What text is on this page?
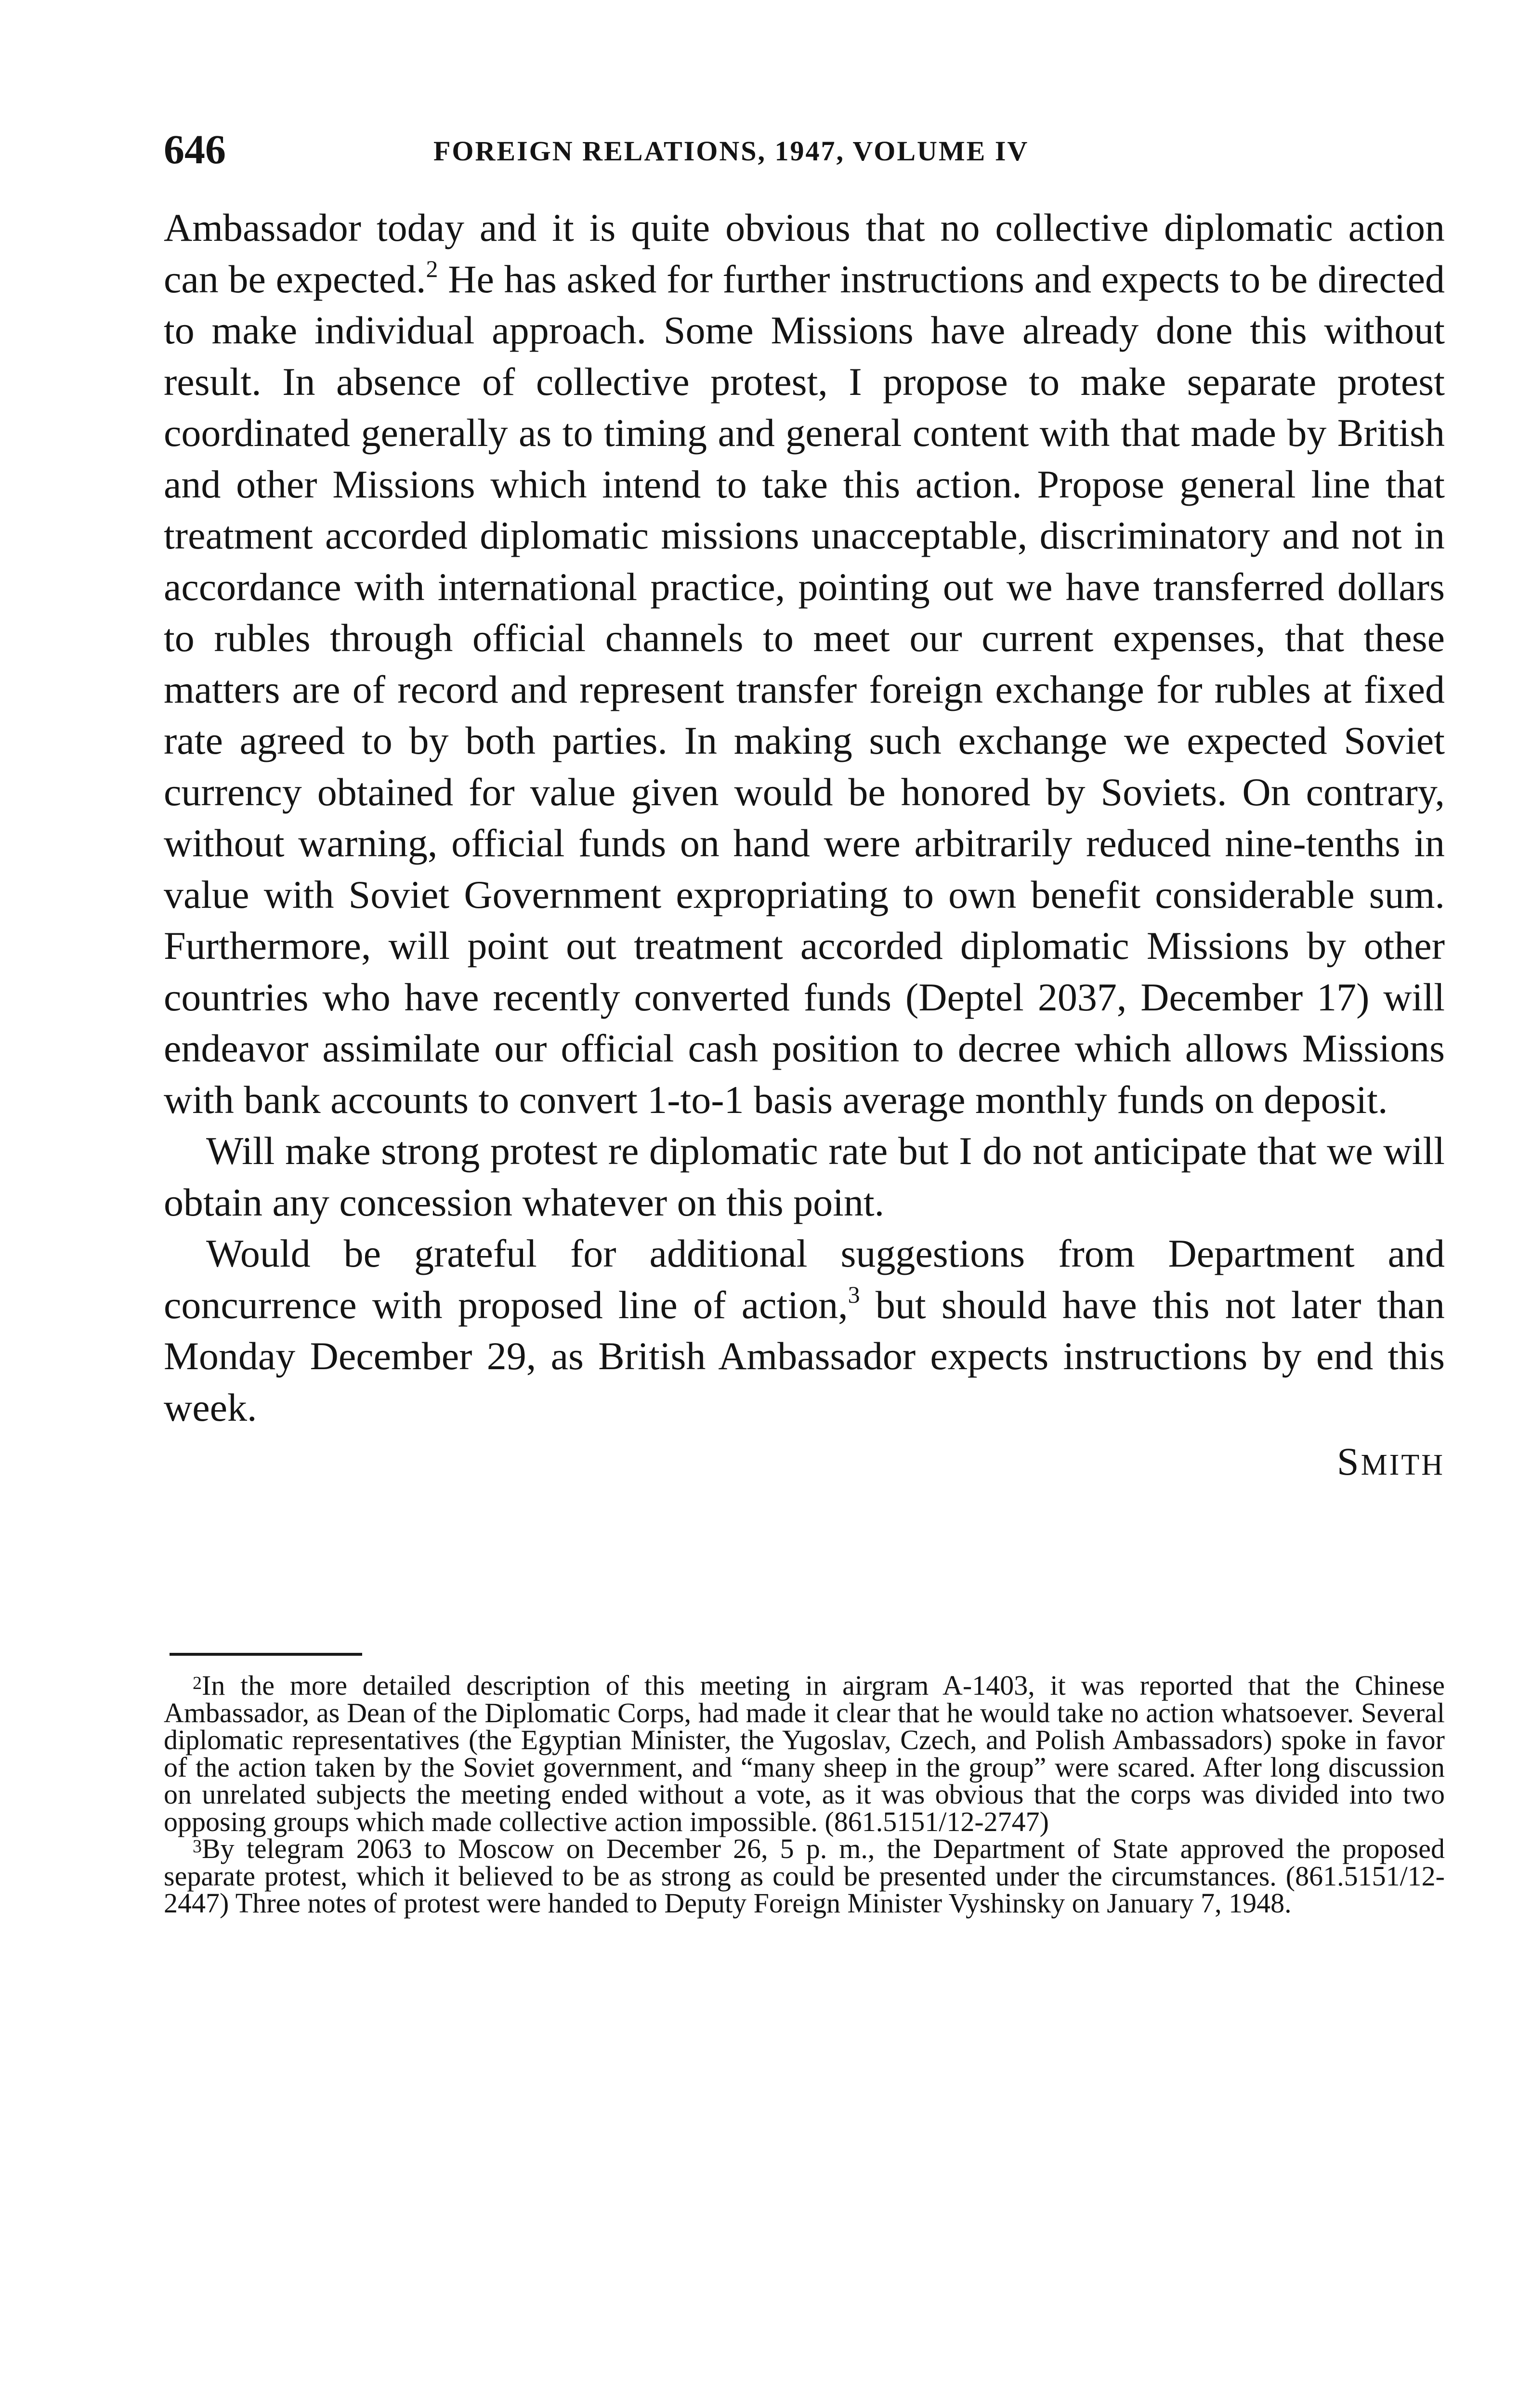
646	FOREIGN RELATIONS, 1947, VOLUME IV

Ambassador today and it is quite obvious that no collective diplomatic action can be expected.$^2$ He has asked for further instructions and expects to be directed to make individual approach. Some Missions have already done this without result. In absence of collective protest, I propose to make separate protest coordinated generally as to timing and general content with that made by British and other Missions which intend to take this action. Propose general line that treatment accorded diplomatic missions unacceptable, discriminatory and not in accordance with international practice, pointing out we have transferred dollars to rubles through official channels to meet our current expenses, that these matters are of record and represent transfer foreign exchange for rubles at fixed rate agreed to by both parties. In making such exchange we expected Soviet currency obtained for value given would be honored by Soviets. On contrary, without warning, official funds on hand were arbitrarily reduced nine-tenths in value with Soviet Government expropriating to own benefit considerable sum. Furthermore, will point out treatment accorded diplomatic Missions by other countries who have recently converted funds (Deptel 2037, December 17) will endeavor assimilate our official cash position to decree which allows Missions with bank accounts to convert 1-to-1 basis average monthly funds on deposit.

Will make strong protest re diplomatic rate but I do not anticipate that we will obtain any concession whatever on this point.

Would be grateful for additional suggestions from Department and concurrence with proposed line of action,$^3$ but should have this not later than Monday December 29, as British Ambassador expects instructions by end this week.

SMITH

$^2$In the more detailed description of this meeting in airgram A-1403, it was reported that the Chinese Ambassador, as Dean of the Diplomatic Corps, had made it clear that he would take no action whatsoever. Several diplomatic representatives (the Egyptian Minister, the Yugoslav, Czech, and Polish Ambassadors) spoke in favor of the action taken by the Soviet government, and “many sheep in the group” were scared. After long discussion on unrelated subjects the meeting ended without a vote, as it was obvious that the corps was divided into two opposing groups which made collective action impossible. (861.5151/12-2747)

$^3$By telegram 2063 to Moscow on December 26, 5 p. m., the Department of State approved the proposed separate protest, which it believed to be as strong as could be presented under the circumstances. (861.5151/12-2447) Three notes of protest were handed to Deputy Foreign Minister Vyshinsky on January 7, 1948.
